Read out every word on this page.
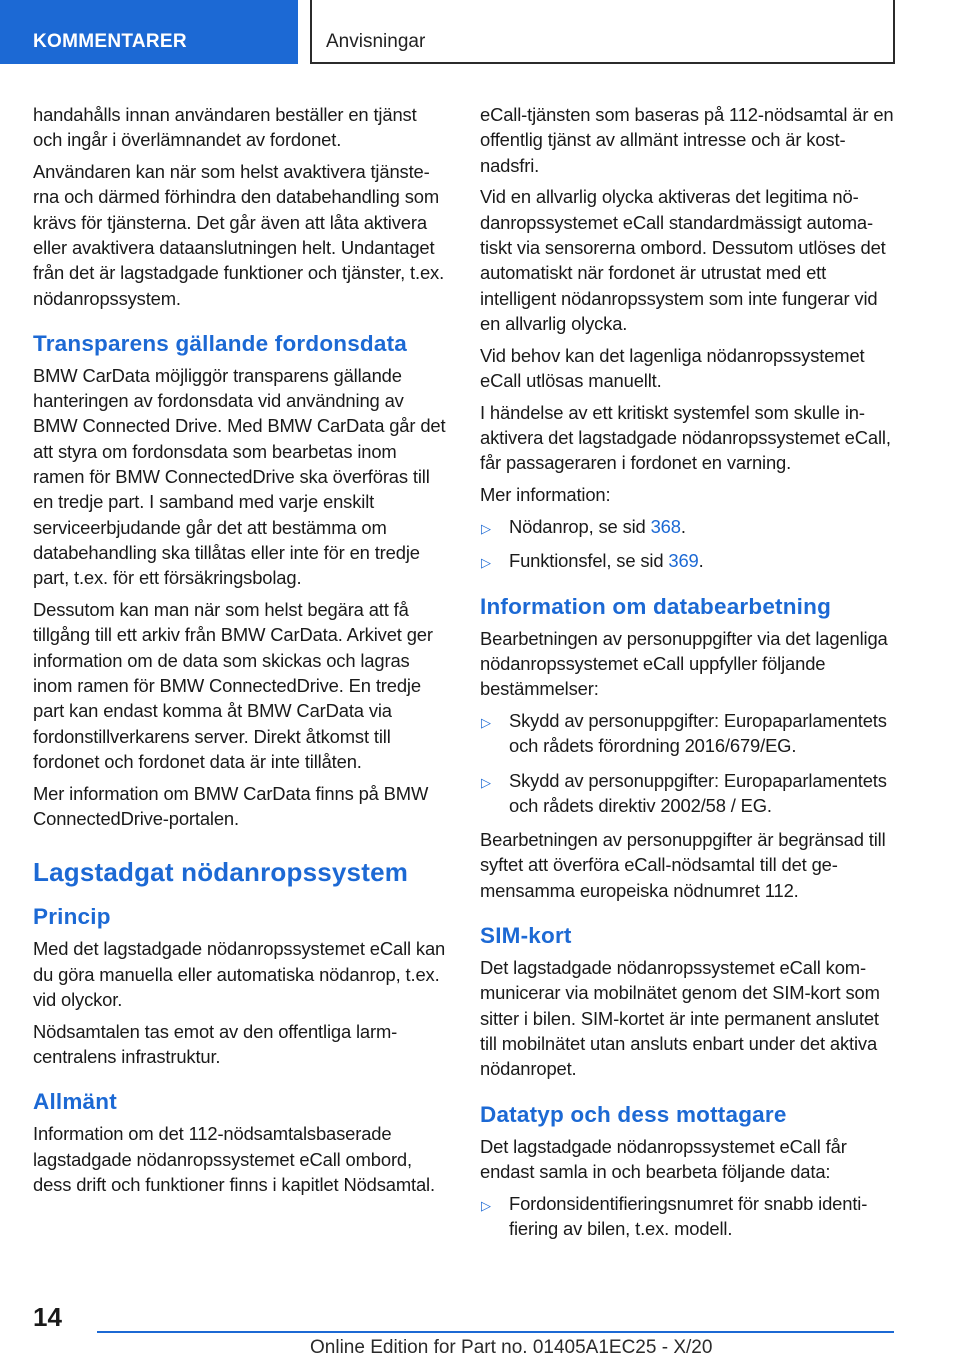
KOMMENTARER	Anvisningar

handahålls innan användaren beställer en tjänst och ingår i överlämnandet av fordonet.

Användaren kan när som helst avaktivera tjänsterna och därmed förhindra den databehandling som krävs för tjänsterna. Det går även att låta aktivera eller avaktivera dataanslutningen helt. Undantaget från det är lagstadgade funktioner och tjänster, t.ex. nödanropssystem.

Transparens gällande fordonsdata

BMW CarData möjliggör transparens gällande hanteringen av fordonsdata vid användning av BMW Connected Drive. Med BMW CarData går det att styra om fordonsdata som bearbetas inom ramen för BMW ConnectedDrive ska överföras till en tredje part. I samband med varje enskilt serviceerbjudande går det att bestämma om databehandling ska tillåtas eller inte för en tredje part, t.ex. för ett försäkringsbolag.

Dessutom kan man när som helst begära att få tillgång till ett arkiv från BMW CarData. Arkivet ger information om de data som skickas och lagras inom ramen för BMW ConnectedDrive. En tredje part kan endast komma åt BMW CarData via fordonstillverkarens server. Direkt åtkomst till fordonet och fordonet data är inte tillåten.

Mer information om BMW CarData finns på BMW ConnectedDrive-portalen.

Lagstadgat nödanropssystem
Princip

Med det lagstadgade nödanropssystemet eCall kan du göra manuella eller automatiska nödanrop, t.ex. vid olyckor.

Nödsamtalen tas emot av den offentliga larmcentralens infrastruktur.

Allmänt

Information om det 112-nödsamtalsbaserade lagstadgade nödanropssystemet eCall ombord, dess drift och funktioner finns i kapitlet Nödsamtal.

eCall-tjänsten som baseras på 112-nödsamtal är en offentlig tjänst av allmänt intresse och är kostnadsfri.

Vid en allvarlig olycka aktiveras det legitima nödanropssystemet eCall standardmässigt automatiskt via sensorerna ombord. Dessutom utlöses det automatiskt när fordonet är utrustat med ett intelligent nödanropssystem som inte fungerar vid en allvarlig olycka.

Vid behov kan det lagenliga nödanropssystemet eCall utlösas manuellt.

I händelse av ett kritiskt systemfel som skulle inaktivera det lagstadgade nödanropssystemet eCall, får passageraren i fordonet en varning.

Mer information:

▷ Nödanrop, se sid 368.
▷ Funktionsfel, se sid 369.
Information om databearbetning

Bearbetningen av personuppgifter via det lagenliga nödanropssystemet eCall uppfyller följande bestämmelser:

▷ Skydd av personuppgifter: Europaparlamentets och rådets förordning 2016/679/EG.
▷ Skydd av personuppgifter: Europaparlamentets och rådets direktiv 2002/58 / EG.

Bearbetningen av personuppgifter är begränsad till syftet att överföra eCall-nödsamtal till det gemensamma europeiska nödnumret 112.

SIM-kort

Det lagstadgade nödanropssystemet eCall kommunicerar via mobilnätet genom det SIM-kort som sitter i bilen. SIM-kortet är inte permanent anslutet till mobilnätet utan ansluts enbart under det aktiva nödanropet.

Datatyp och dess mottagare

Det lagstadgade nödanropssystemet eCall får endast samla in och bearbeta följande data:

▷ Fordonsidentifieringsnumret för snabb identifiering av bilen, t.ex. modell.
14
Online Edition for Part no. 01405A1EC25 - X/20
